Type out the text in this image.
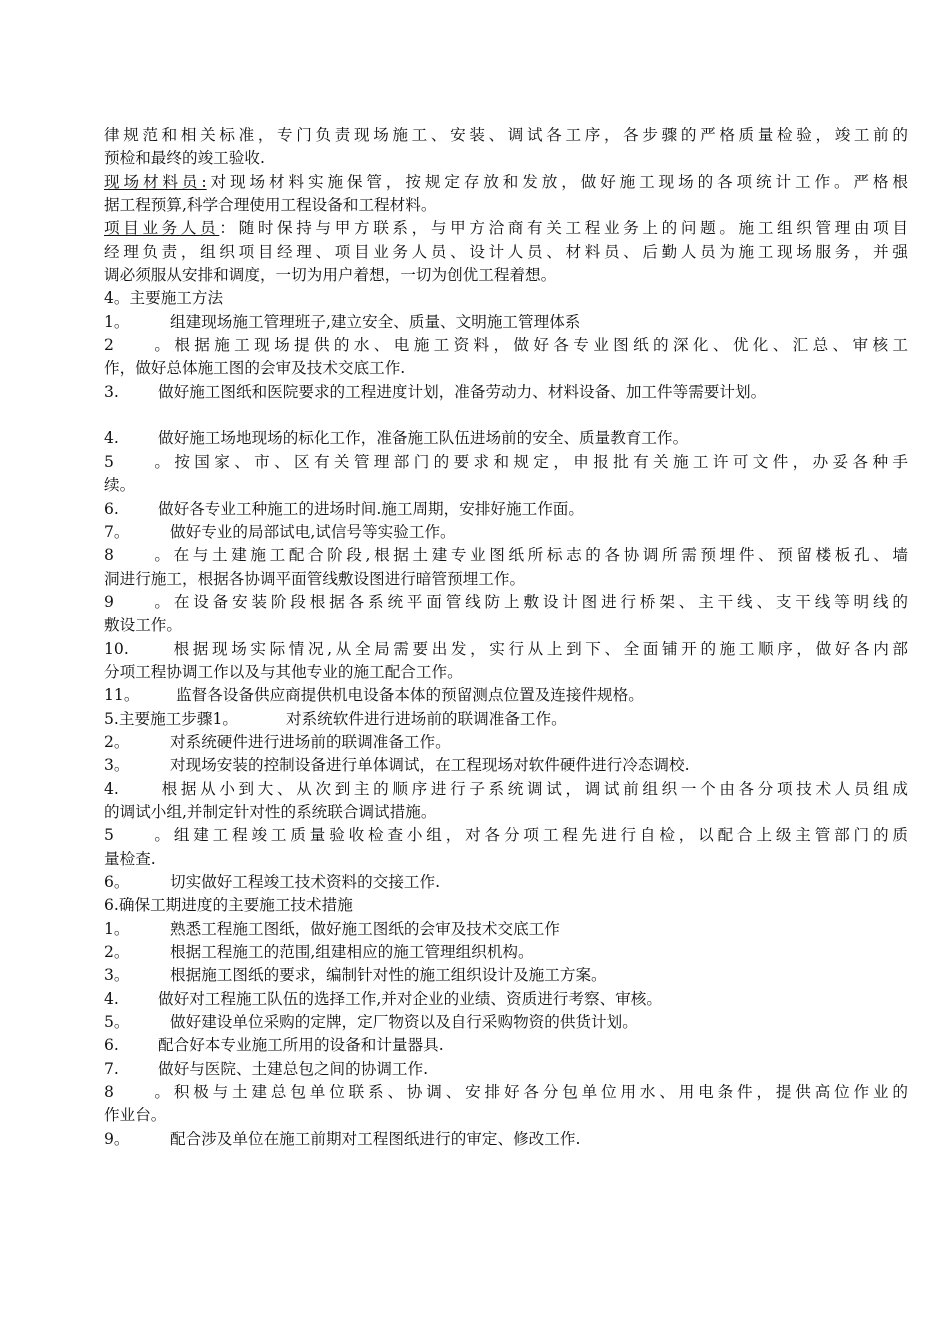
律规范和相关标准，专门负责现场施工、安装、调试各工序，各步骤的严格质量检验，竣工前的
预检和最终的竣工验收.
现场材料员:对现场材料实施保管，按规定存放和发放，做好施工现场的各项统计工作。严格根
据工程预算,科学合理使用工程设备和工程材料。
项目业务人员：随时保持与甲方联系，与甲方洽商有关工程业务上的问题。施工组织管理由项目
经理负责，组织项目经理、项目业务人员、设计人员、材料员、后勤人员为施工现场服务，并强
调必须服从安排和调度，一切为用户着想，一切为创优工程着想。
4。主要施工方法
1。	组建现场施工管理班子,建立安全、质量、文明施工管理体系
2。根据施工现场提供的水、电施工资料，做好各专业图纸的深化、优化、汇总、审核工
作，做好总体施工图的会审及技术交底工作.
3.	做好施工图纸和医院要求的工程进度计划，准备劳动力、材料设备、加工件等需要计划。
4.	做好施工场地现场的标化工作，准备施工队伍进场前的安全、质量教育工作。
5。按国家、市、区有关管理部门的要求和规定，申报批有关施工许可文件，办妥各种手
续。
6.	做好各专业工种施工的进场时间.施工周期，安排好施工作面。
7。	做好专业的局部试电,试信号等实验工作。
8。在与土建施工配合阶段,根据土建专业图纸所标志的各协调所需预埋件、预留楼板孔、墙
洞进行施工，根据各协调平面管线敷设图进行暗管预埋工作。
9。在设备安装阶段根据各系统平面管线防上敷设计图进行桥架、主干线、支干线等明线的
敷设工作。
10.	根据现场实际情况,从全局需要出发，实行从上到下、全面铺开的施工顺序，做好各内部
分项工程协调工作以及与其他专业的施工配合工作。
11。 监督各设备供应商提供机电设备本体的预留测点位置及连接件规格。
5.主要施工步骤1。	对系统软件进行进场前的联调准备工作。
2。	对系统硬件进行进场前的联调准备工作。
3。	对现场安装的控制设备进行单体调试，在工程现场对软件硬件进行冷态调校.
4.	根据从小到大、从次到主的顺序进行子系统调试，调试前组织一个由各分项技术人员组成
的调试小组,并制定针对性的系统联合调试措施。
5。组建工程竣工质量验收检查小组，对各分项工程先进行自检，以配合上级主管部门的质
量检查.
6。	切实做好工程竣工技术资料的交接工作.
6.确保工期进度的主要施工技术措施
1。	熟悉工程施工图纸，做好施工图纸的会审及技术交底工作
2。	根据工程施工的范围,组建相应的施工管理组织机构。
3。	根据施工图纸的要求，编制针对性的施工组织设计及施工方案。
4.	做好对工程施工队伍的选择工作,并对企业的业绩、资质进行考察、审核。
5。	做好建设单位采购的定牌，定厂物资以及自行采购物资的供货计划。
6.	配合好本专业施工所用的设备和计量器具.
7.	做好与医院、土建总包之间的协调工作.
8。积极与土建总包单位联系、协调、安排好各分包单位用水、用电条件，提供高位作业的
作业台。
9。	配合涉及单位在施工前期对工程图纸进行的审定、修改工作.
